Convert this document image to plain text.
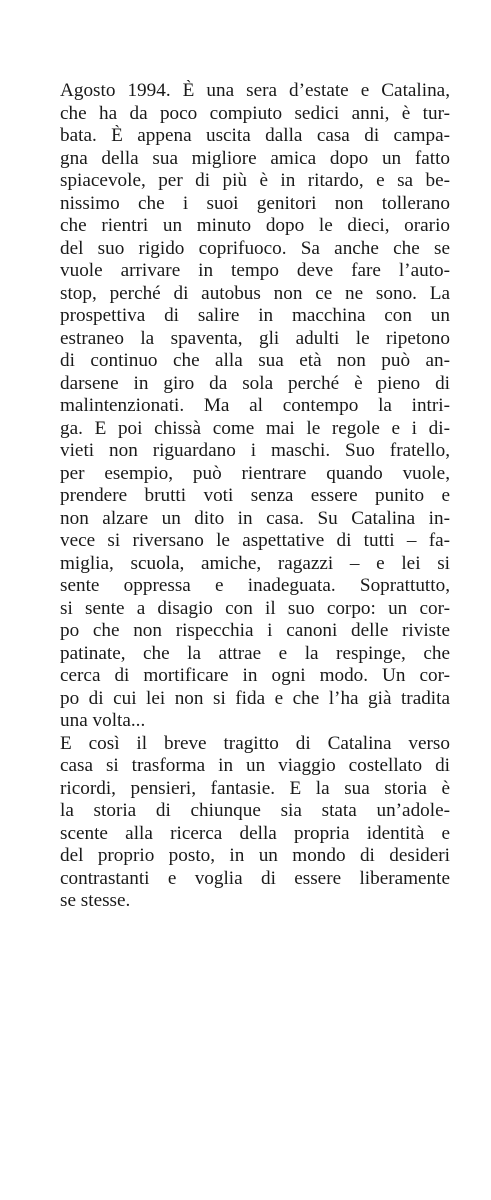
Agosto 1994. È una sera d’estate e Catalina,
che ha da poco compiuto sedici anni, è tur-
bata. È appena uscita dalla casa di campa-
gna della sua migliore amica dopo un fatto
spiacevole, per di più è in ritardo, e sa be-
nissimo che i suoi genitori non tollerano
che rientri un minuto dopo le dieci, orario
del suo rigido coprifuoco. Sa anche che se
vuole arrivare in tempo deve fare l’auto-
stop, perché di autobus non ce ne sono. La
prospettiva di salire in macchina con un
estraneo la spaventa, gli adulti le ripetono
di continuo che alla sua età non può an-
darsene in giro da sola perché è pieno di
malintenzionati. Ma al contempo la intri-
ga. E poi chissà come mai le regole e i di-
vieti non riguardano i maschi. Suo fratello,
per esempio, può rientrare quando vuole,
prendere brutti voti senza essere punito e
non alzare un dito in casa. Su Catalina in-
vece si riversano le aspettative di tutti – fa-
miglia, scuola, amiche, ragazzi – e lei si
sente oppressa e inadeguata. Soprattutto,
si sente a disagio con il suo corpo: un cor-
po che non rispecchia i canoni delle riviste
patinate, che la attrae e la respinge, che
cerca di mortificare in ogni modo. Un cor-
po di cui lei non si fida e che l’ha già tradita
una volta...
E così il breve tragitto di Catalina verso
casa si trasforma in un viaggio costellato di
ricordi, pensieri, fantasie. E la sua storia è
la storia di chiunque sia stata un’adole-
scente alla ricerca della propria identità e
del proprio posto, in un mondo di desideri
contrastanti e voglia di essere liberamente
se stesse.
